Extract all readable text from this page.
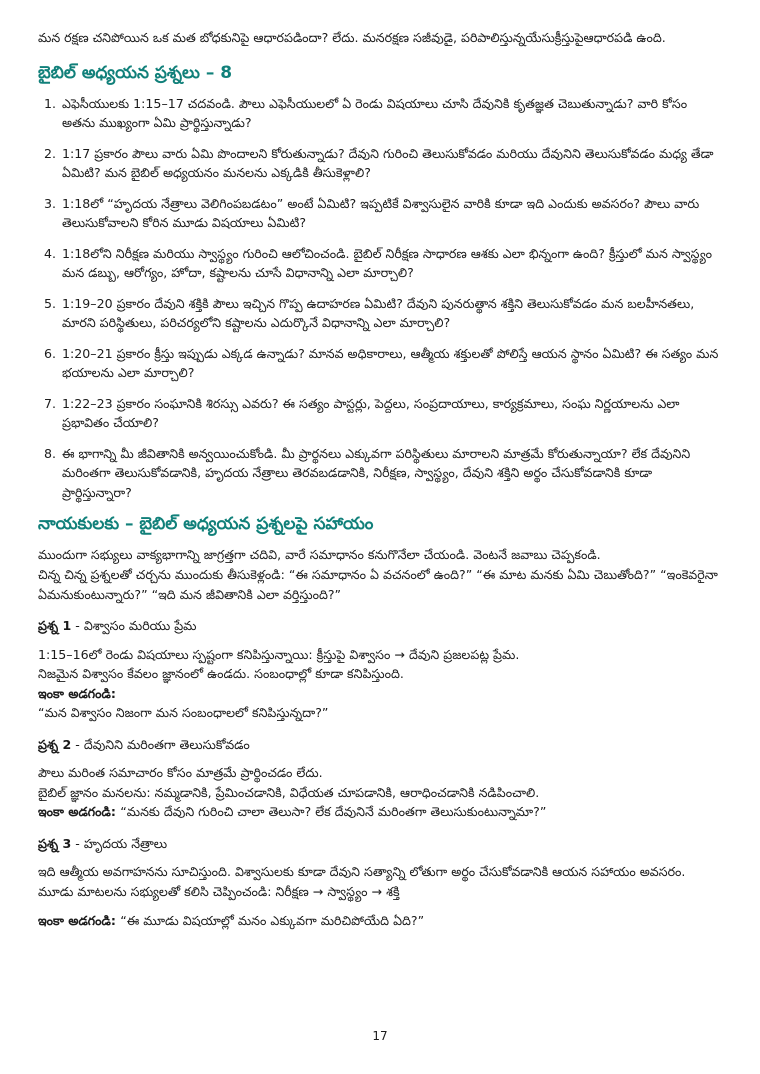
మన రక్షణ చనిపోయిన ఒక మత బోధకునిపై ఆధారపడిందా? లేదు. మనరక్షణ సజీవుడై, పరిపాలిస్తున్నయేసుక్రీస్తుపైఆధారపడి ఉంది.

బైబిల్ అధ్యయన ప్రశ్నలు – 8
1. ఎఫెసీయులకు 1:15–17 చదవండి. పౌలు ఎఫెసీయులలో ఏ రెండు విషయాలు చూసి దేవునికి కృతజ్ఞత చెబుతున్నాడు? వారి కోసం అతను ముఖ్యంగా ఏమి ప్రార్థిస్తున్నాడు?
2. 1:17 ప్రకారం పౌలు వారు ఏమి పొందాలని కోరుతున్నాడు? దేవుని గురించి తెలుసుకోవడం మరియు దేవునిని తెలుసుకోవడం మధ్య తేడా ఏమిటి? మన బైబిల్ అధ్యయనం మనలను ఎక్కడికి తీసుకెళ్లాలి?
3. 1:18లో “హృదయ నేత్రాలు వెలిగింపబడటం” అంటే ఏమిటి? ఇప్పటికే విశ్వాసులైన వారికి కూడా ఇది ఎందుకు అవసరం? పౌలు వారు తెలుసుకోవాలని కోరిన మూడు విషయాలు ఏమిటి?
4. 1:18లోని నిరీక్షణ మరియు స్వాస్థ్యం గురించి ఆలోచించండి. బైబిల్ నిరీక్షణ సాధారణ ఆశకు ఎలా భిన్నంగా ఉంది? క్రీస్తులో మన స్వాస్థ్యం మన డబ్బు, ఆరోగ్యం, హోదా, కష్టాలను చూసే విధానాన్ని ఎలా మార్చాలి?
5. 1:19–20 ప్రకారం దేవుని శక్తికి పౌలు ఇచ్చిన గొప్ప ఉదాహరణ ఏమిటి? దేవుని పునరుత్థాన శక్తిని తెలుసుకోవడం మన బలహీనతలు, మారని పరిస్థితులు, పరిచర్యలోని కష్టాలను ఎదుర్కొనే విధానాన్ని ఎలా మార్చాలి?
6. 1:20–21 ప్రకారం క్రీస్తు ఇప్పుడు ఎక్కడ ఉన్నాడు? మానవ అధికారాలు, ఆత్మీయ శక్తులతో పోలిస్తే ఆయన స్థానం ఏమిటి? ఈ సత్యం మన భయాలను ఎలా మార్చాలి?
7. 1:22–23 ప్రకారం సంఘానికి శిరస్సు ఎవరు? ఈ సత్యం పాస్టర్లు, పెద్దలు, సంప్రదాయాలు, కార్యక్రమాలు, సంఘ నిర్ణయాలను ఎలా ప్రభావితం చేయాలి?
8. ఈ భాగాన్ని మీ జీవితానికి అన్వయించుకోండి. మీ ప్రార్థనలు ఎక్కువగా పరిస్థితులు మారాలని మాత్రమే కోరుతున్నాయా? లేక దేవునిని మరింతగా తెలుసుకోవడానికి, హృదయ నేత్రాలు తెరవబడడానికి, నిరీక్షణ, స్వాస్థ్యం, దేవుని శక్తిని అర్థం చేసుకోవడానికి కూడా ప్రార్థిస్తున్నారా?
నాయకులకు – బైబిల్ అధ్యయన ప్రశ్నలపై సహాయం

ముందుగా సభ్యులు వాక్యభాగాన్ని జాగ్రత్తగా చదివి, వారే సమాధానం కనుగొనేలా చేయండి. వెంటనే జవాబు చెప్పకండి.

చిన్న చిన్న ప్రశ్నలతో చర్చను ముందుకు తీసుకెళ్లండి: “ఈ సమాధానం ఏ వచనంలో ఉంది?” “ఈ మాట మనకు ఏమి చెబుతోంది?” “ఇంకెవరైనా ఏమనుకుంటున్నారు?” “ఇది మన జీవితానికి ఎలా వర్తిస్తుంది?”

ప్రశ్న 1 - విశ్వాసం మరియు ప్రేమ

1:15–16లో రెండు విషయాలు స్పష్టంగా కనిపిస్తున్నాయి: క్రీస్తుపై విశ్వాసం → దేవుని ప్రజలపట్ల ప్రేమ.

నిజమైన విశ్వాసం కేవలం జ్ఞానంలో ఉండదు. సంబంధాల్లో కూడా కనిపిస్తుంది.

ఇంకా అడగండి:

“మన విశ్వాసం నిజంగా మన సంబంధాలలో కనిపిస్తున్నదా?”

ప్రశ్న 2 - దేవునిని మరింతగా తెలుసుకోవడం

పౌలు మరింత సమాచారం కోసం మాత్రమే ప్రార్థించడం లేదు.

బైబిల్ జ్ఞానం మనలను: నమ్మడానికి, ప్రేమించడానికి, విధేయత చూపడానికి, ఆరాధించడానికి నడిపించాలి.

ఇంకా అడగండి: “మనకు దేవుని గురించి చాలా తెలుసా? లేక దేవునినే మరింతగా తెలుసుకుంటున్నామా?”

ప్రశ్న 3 - హృదయ నేత్రాలు

ఇది ఆత్మీయ అవగాహనను సూచిస్తుంది. విశ్వాసులకు కూడా దేవుని సత్యాన్ని లోతుగా అర్థం చేసుకోవడానికి ఆయన సహాయం అవసరం. మూడు మాటలను సభ్యులతో కలిసి చెప్పించండి: నిరీక్షణ → స్వాస్థ్యం → శక్తి

ఇంకా అడగండి: “ఈ మూడు విషయాల్లో మనం ఎక్కువగా మరిచిపోయేది ఏది?”

17
